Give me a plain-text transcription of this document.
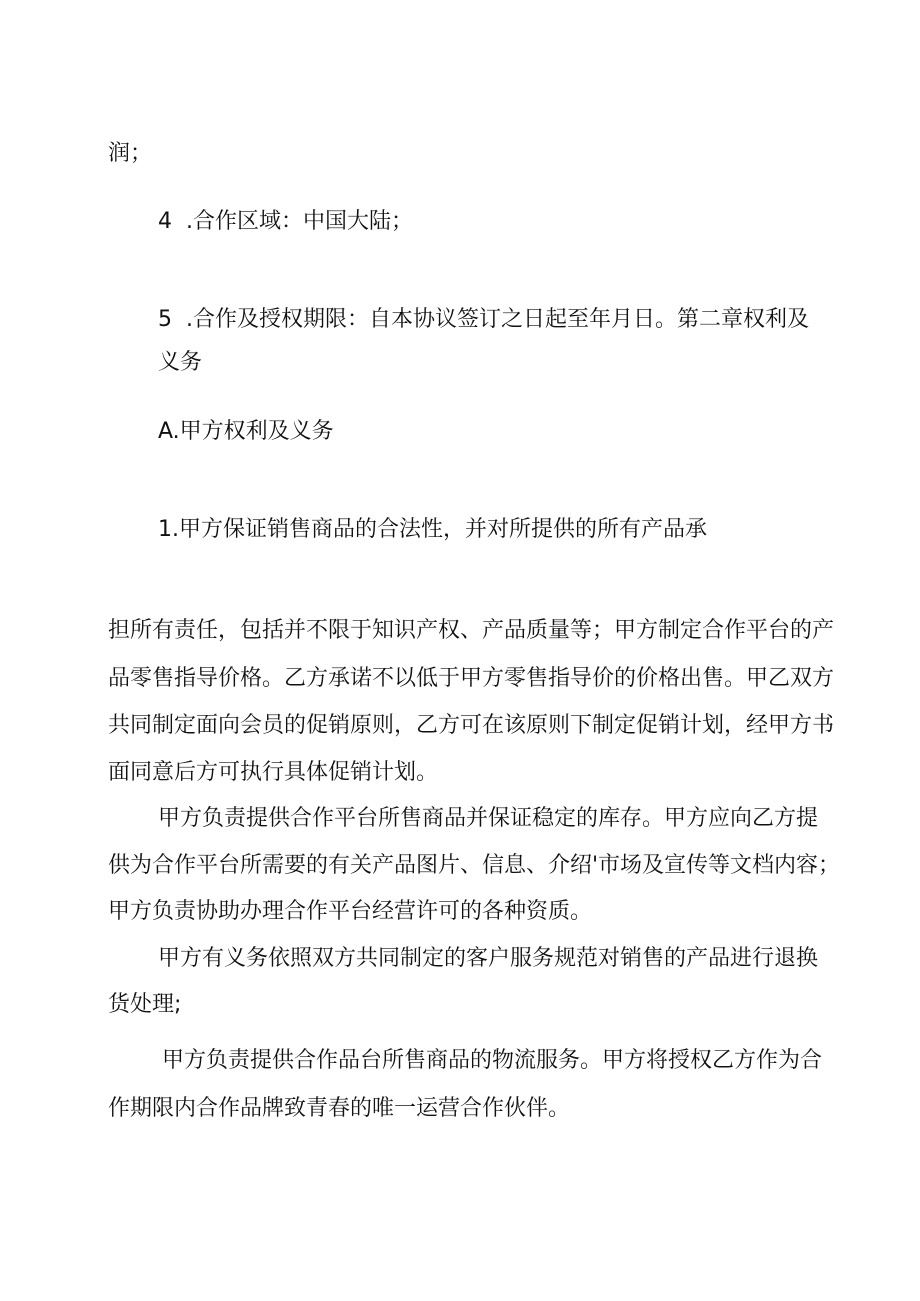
润；
4 .合作区域：中国大陆；
5 .合作及授权期限：自本协议签订之日起至年月日。第二章权利及
义务
A.甲方权利及义务
1.甲方保证销售商品的合法性，并对所提供的所有产品承
担所有责任，包括并不限于知识产权、产品质量等；甲方制定合作平台的产
品零售指导价格。乙方承诺不以低于甲方零售指导价的价格出售。甲乙双方
共同制定面向会员的促销原则，乙方可在该原则下制定促销计划，经甲方书
面同意后方可执行具体促销计划。
甲方负责提供合作平台所售商品并保证稳定的库存。甲方应向乙方提
供为合作平台所需要的有关产品图片、信息、介绍'市场及宣传等文档内容；
甲方负责协助办理合作平台经营许可的各种资质。
甲方有义务依照双方共同制定的客户服务规范对销售的产品进行退换
货处理;
甲方负责提供合作品台所售商品的物流服务。甲方将授权乙方作为合
作期限内合作品牌致青春的唯一运营合作伙伴。
